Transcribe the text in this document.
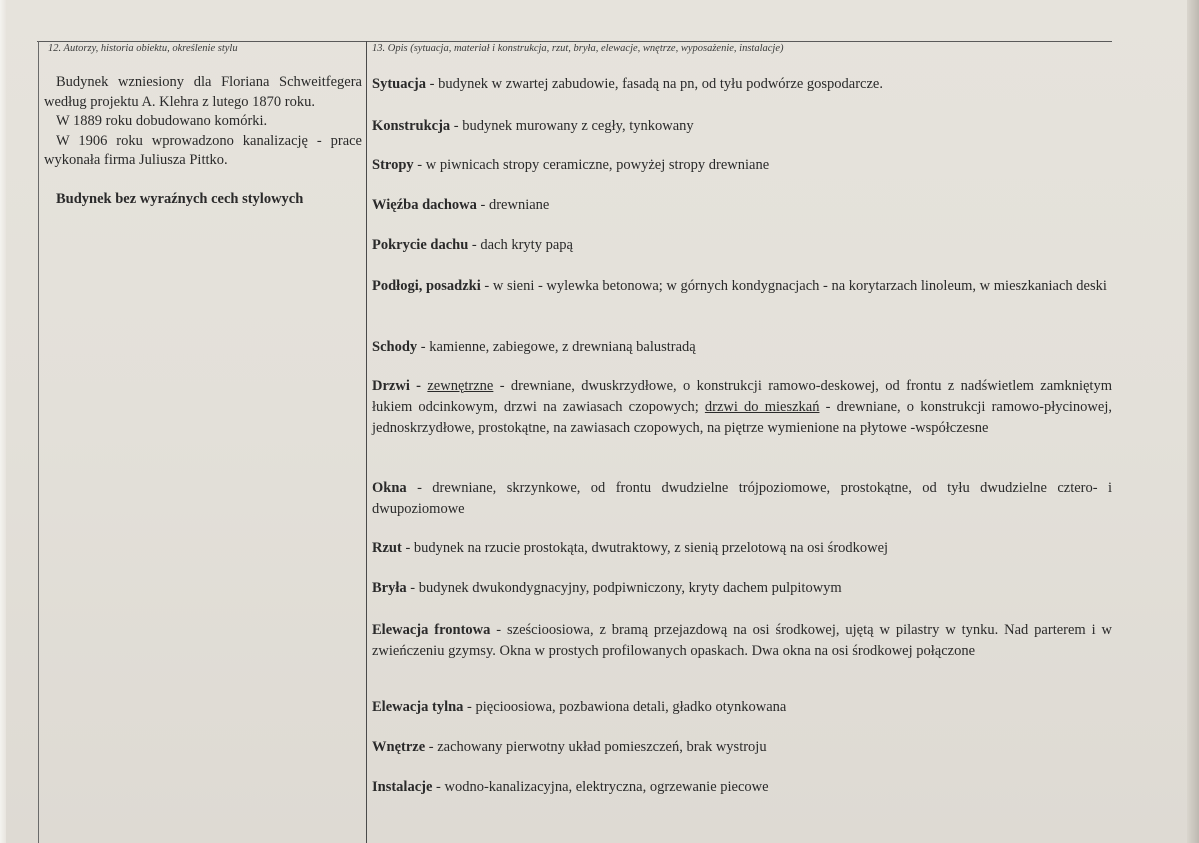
12. Autorzy, historia obiektu, określenie stylu	13. Opis (sytuacja, materiał i konstrukcja, rzut, bryła, elewacje, wnętrze, wyposażenie, instalacje)

Budynek wzniesiony dla Floriana Schweitfegera według projektu A. Klehra z lutego 1870 roku.

W 1889 roku dobudowano komórki.

W 1906 roku wprowadzono kanalizację - prace wykonała firma Juliusza Pittko.

Budynek bez wyraźnych cech stylowych

Sytuacja - budynek w zwartej zabudowie, fasadą na pn, od tyłu podwórze gospodarcze.
Konstrukcja - budynek murowany z cegły, tynkowany
Stropy - w piwnicach stropy ceramiczne, powyżej stropy drewniane
Więźba dachowa - drewniane
Pokrycie dachu - dach kryty papą
Podłogi, posadzki - w sieni - wylewka betonowa; w górnych kondygnacjach - na korytarzach linoleum, w mieszkaniach deski
Schody - kamienne, zabiegowe, z drewnianą balustradą
Drzwi - zewnętrzne - drewniane, dwuskrzydłowe, o konstrukcji ramowo-deskowej, od frontu z nadświetlem zamkniętym łukiem odcinkowym, drzwi na zawiasach czopowych; drzwi do mieszkań - drewniane, o konstrukcji ramowo-płycinowej, jednoskrzydłowe, prostokątne, na zawiasach czopowych, na piętrze wymienione na płytowe -współczesne
Okna - drewniane, skrzynkowe, od frontu dwudzielne trójpoziomowe, prostokątne, od tyłu dwudzielne cztero- i dwupoziomowe
Rzut - budynek na rzucie prostokąta, dwutraktowy, z sienią przelotową na osi środkowej
Bryła - budynek dwukondygnacyjny, podpiwniczony, kryty dachem pulpitowym
Elewacja frontowa - sześcioosiowa, z bramą przejazdową na osi środkowej, ujętą w pilastry w tynku. Nad parterem i w zwieńczeniu gzymsy. Okna w prostych profilowanych opaskach. Dwa okna na osi środkowej połączone
Elewacja tylna - pięcioosiowa, pozbawiona detali, gładko otynkowana
Wnętrze - zachowany pierwotny układ pomieszczeń, brak wystroju
Instalacje - wodno-kanalizacyjna, elektryczna, ogrzewanie piecowe
